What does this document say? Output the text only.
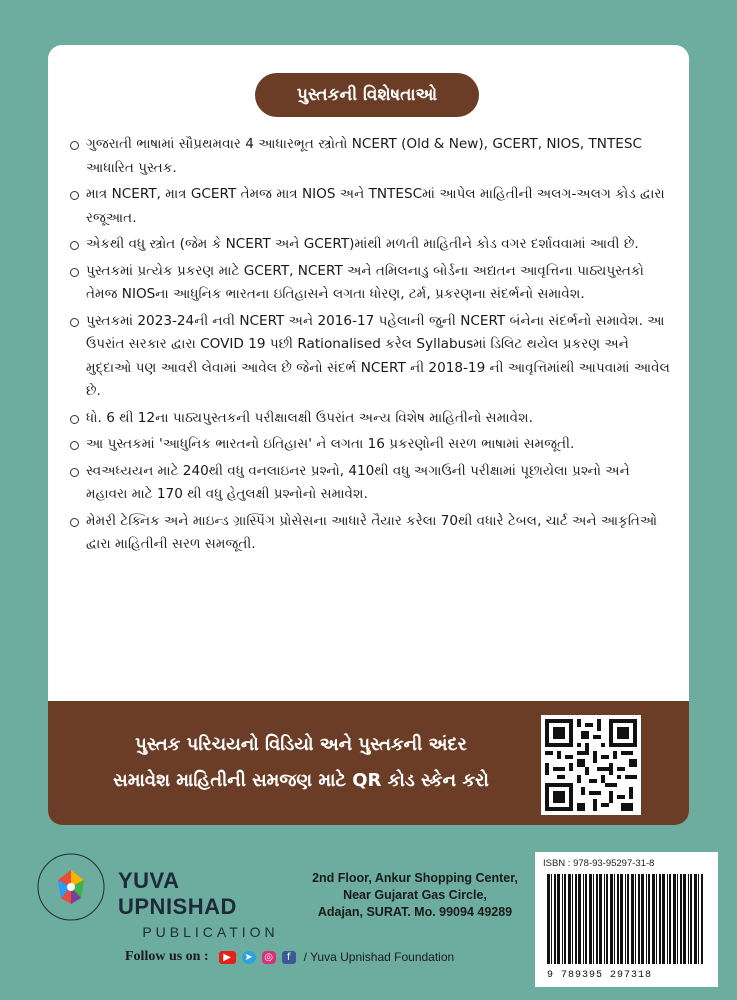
પુસ્તકની વિશેષતાઓ
ગુજરાતી ભાષામાં સૌપ્રથમવાર 4 આધારભૂત સ્ત્રોતો NCERT (Old & New), GCERT, NIOS, TNTESC આધારિત પુસ્તક.
માત્ર NCERT, માત્ર GCERT તેમજ માત્ર NIOS અને TNTESCમાં આપેલ માહિતીની અલગ-અલગ કોડ દ્વારા રજૂઆત.
એકથી વધુ સ્ત્રોત (જેમ કે NCERT અને GCERT)માંથી મળતી માહિતીને કોડ વગર દર્શાવવામાં આવી છે.
પુસ્તકમાં પ્રત્યેક પ્રકરણ માટે GCERT, NCERT અને તમિલનાડુ બોર્ડના અદ્યતન આવૃત્તિના પાઠ્યપુસ્તકો તેમજ NIOSના આધુનિક ભારતના ઇતિહાસને લગતા ધોરણ, ટર્મ, પ્રકરણના સંદર્ભનો સમાવેશ.
પુસ્તકમાં 2023-24ની નવી NCERT અને 2016-17 પહેલાની જુની NCERT બંનેના સંદર્ભનો સમાવેશ. આ ઉપરાંત સરકાર દ્વારા COVID 19 પછી Rationalised કરેલ Syllabusમાં ડિલિટ થયેલ પ્રકરણ અને મુદ્દાઓ પણ આવરી લેવામાં આવેલ છે જેનો સંદર્ભ NCERT ની 2018-19 ની આવૃત્તિમાંથી આપવામાં આવેલ છે.
ધો. 6 થી 12ના પાઠ્યપુસ્તકની પરીક્ષાલક્ષી ઉપરાંત અન્ય વિશેષ માહિતીનો સમાવેશ.
આ પુસ્તકમાં 'આધુનિક ભારતનો ઇતિહાસ' ને લગતા 16 પ્રકરણોની સરળ ભાષામાં સમજૂતી.
સ્વઅધ્યયન માટે 240થી વધુ વનલાઇનર પ્રશ્નો, 410થી વધુ અગાઉની પરીક્ષામાં પૂછાયેલા પ્રશ્નો અને મહાવરા માટે 170 થી વધુ હેતુલક્ષી પ્રશ્નોનો સમાવેશ.
મેમરી ટેક્નિક અને માઇન્ડ ગ્રાસ્પિંગ પ્રોસેસના આધારે તૈયાર કરેલા 70થી વધારે ટેબલ, ચાર્ટ અને આકૃતિઓ દ્વારા માહિતીની સરળ સમજૂતી.
પુસ્તક પરિચયનો વિડિયો અને પુસ્તકની અંદર
સમાવેશ માહિતીની સમજણ માટે QR કોડ સ્કેન કરો
YUVA UPNISHAD
PUBLICATION
2nd Floor, Ankur Shopping Center,
Near Gujarat Gas Circle,
Adajan, SURAT. Mo. 99094 49289
ISBN : 978-93-95297-31-8
9 789395 297318
Follow us on :	▶	➤ ◎	f	/ Yuva Upnishad Foundation
